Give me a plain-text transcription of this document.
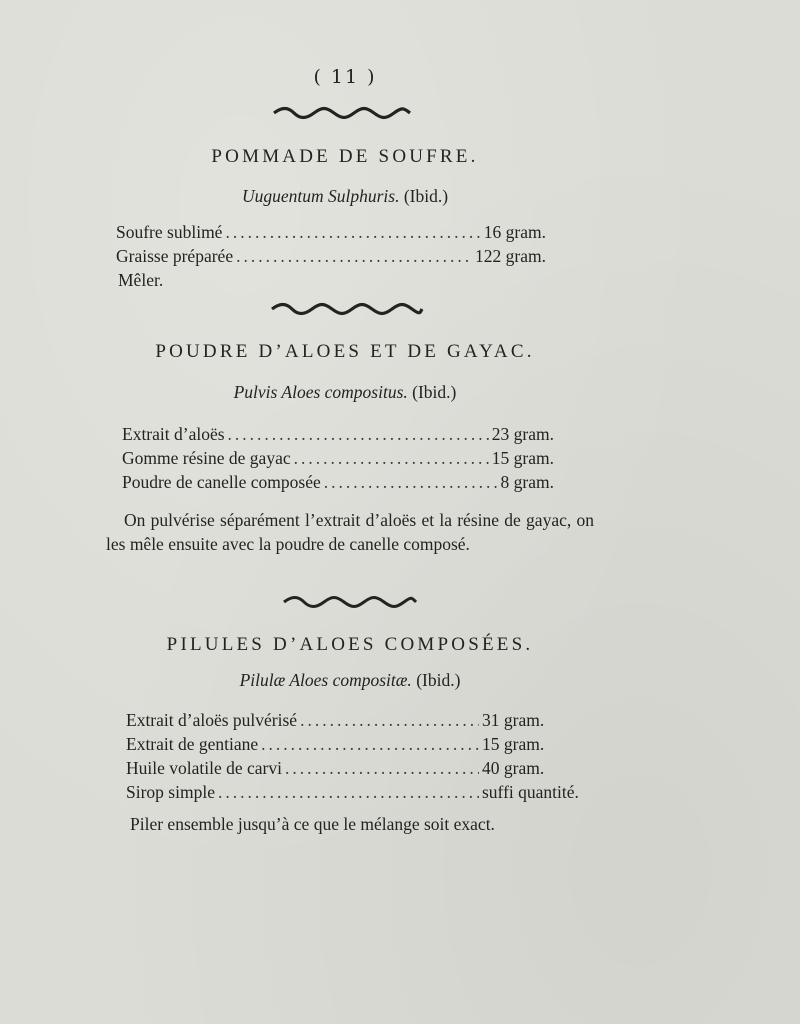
( 11 )
POMMADE DE SOUFRE.
Uuguentum Sulphuris. (Ibid.)
Soufre sublimé .....	16 gram.
Graisse préparée .....	122 gram.
Mêler.
POUDRE D’ALOES ET DE GAYAC.
Pulvis Aloes compositus. (Ibid.)
Extrait d’aloës .....	23 gram.
Gomme résine de gayac .....	15 gram.
Poudre de canelle composée .....	8 gram.
On pulvérise séparément l’extrait d’aloës et la résine de gayac, on les mêle ensuite avec la poudre de canelle composé.
PILULES D’ALOES COMPOSÉES.
Pilulæ Aloes compositæ. (Ibid.)
Extrait d’aloës pulvérisé .....	31 gram.
Extrait de gentiane .....	15 gram.
Huile volatile de carvi .....	40 gram.
Sirop simple .....	suffi quantité.
Piler ensemble jusqu’à ce que le mélange soit exact.
